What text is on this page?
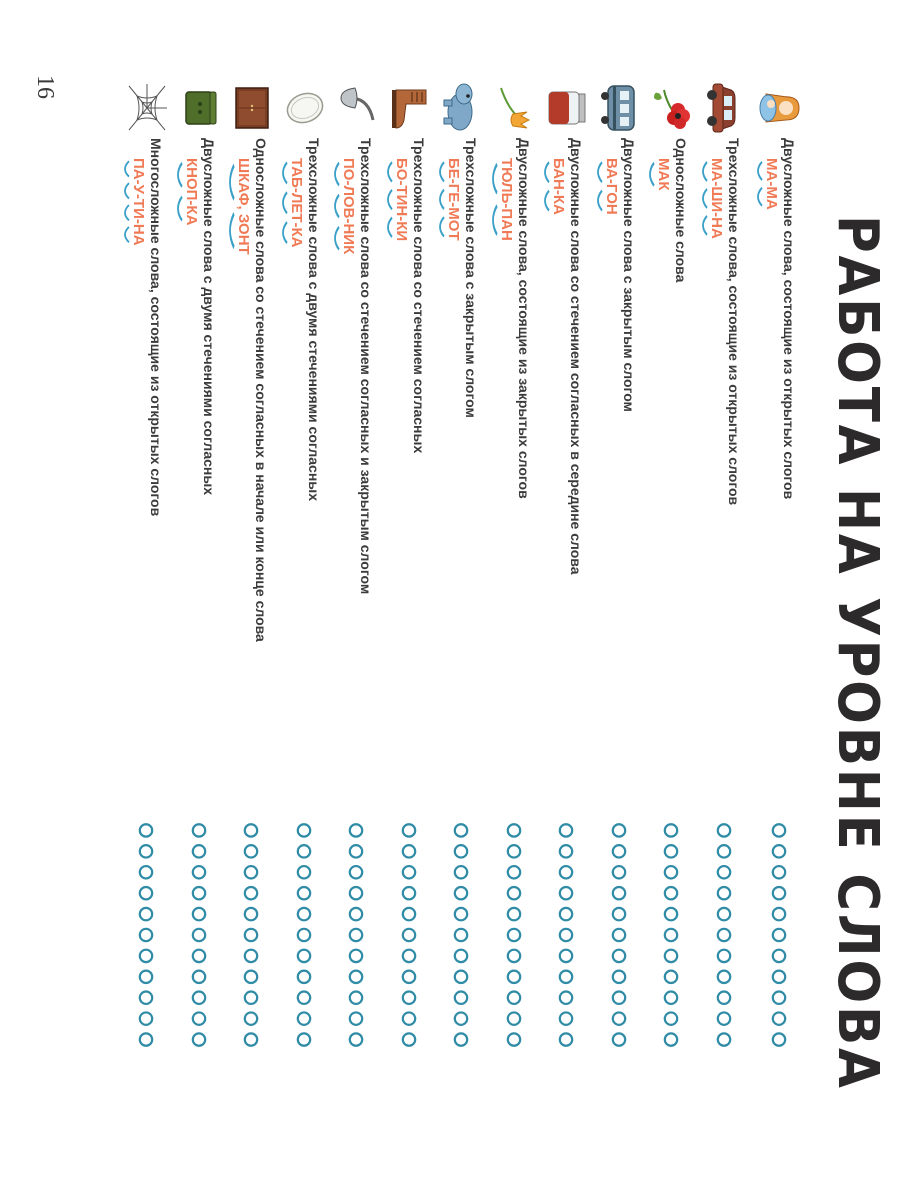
РАБОТА НА УРОВНЕ СЛОВА
Двусложные слова, состоящие из открытых слогов
МА-МА
Трехсложные слова, состоящие из открытых слогов
МА-ШИ-НА
Односложные слова
МАК
Двусложные слова с закрытым слогом
ВА-ГОН
Двусложные слова со стечением согласных в середине слова
БАН-КА
Двусложные слова, состоящие из закрытых слогов
ТЮЛЬ-ПАН
Трехсложные слова с закрытым слогом
БЕ-ГЕ-МОТ
Трехсложные слова со стечением согласных
БО-ТИН-КИ
Трехсложные слова со стечением согласных и закрытым слогом
ПО-ЛОВ-НИК
Трехсложные слова с двумя стечениями согласных
ТАБ-ЛЕТ-КА
Односложные слова со стечением согласных в начале или конце слова
ШКАФ, ЗОНТ
Двусложные слова с двумя стечениями согласных
КНОП-КА
Многосложные слова, состоящие из открытых слогов
ПА-У-ТИ-НА
16
